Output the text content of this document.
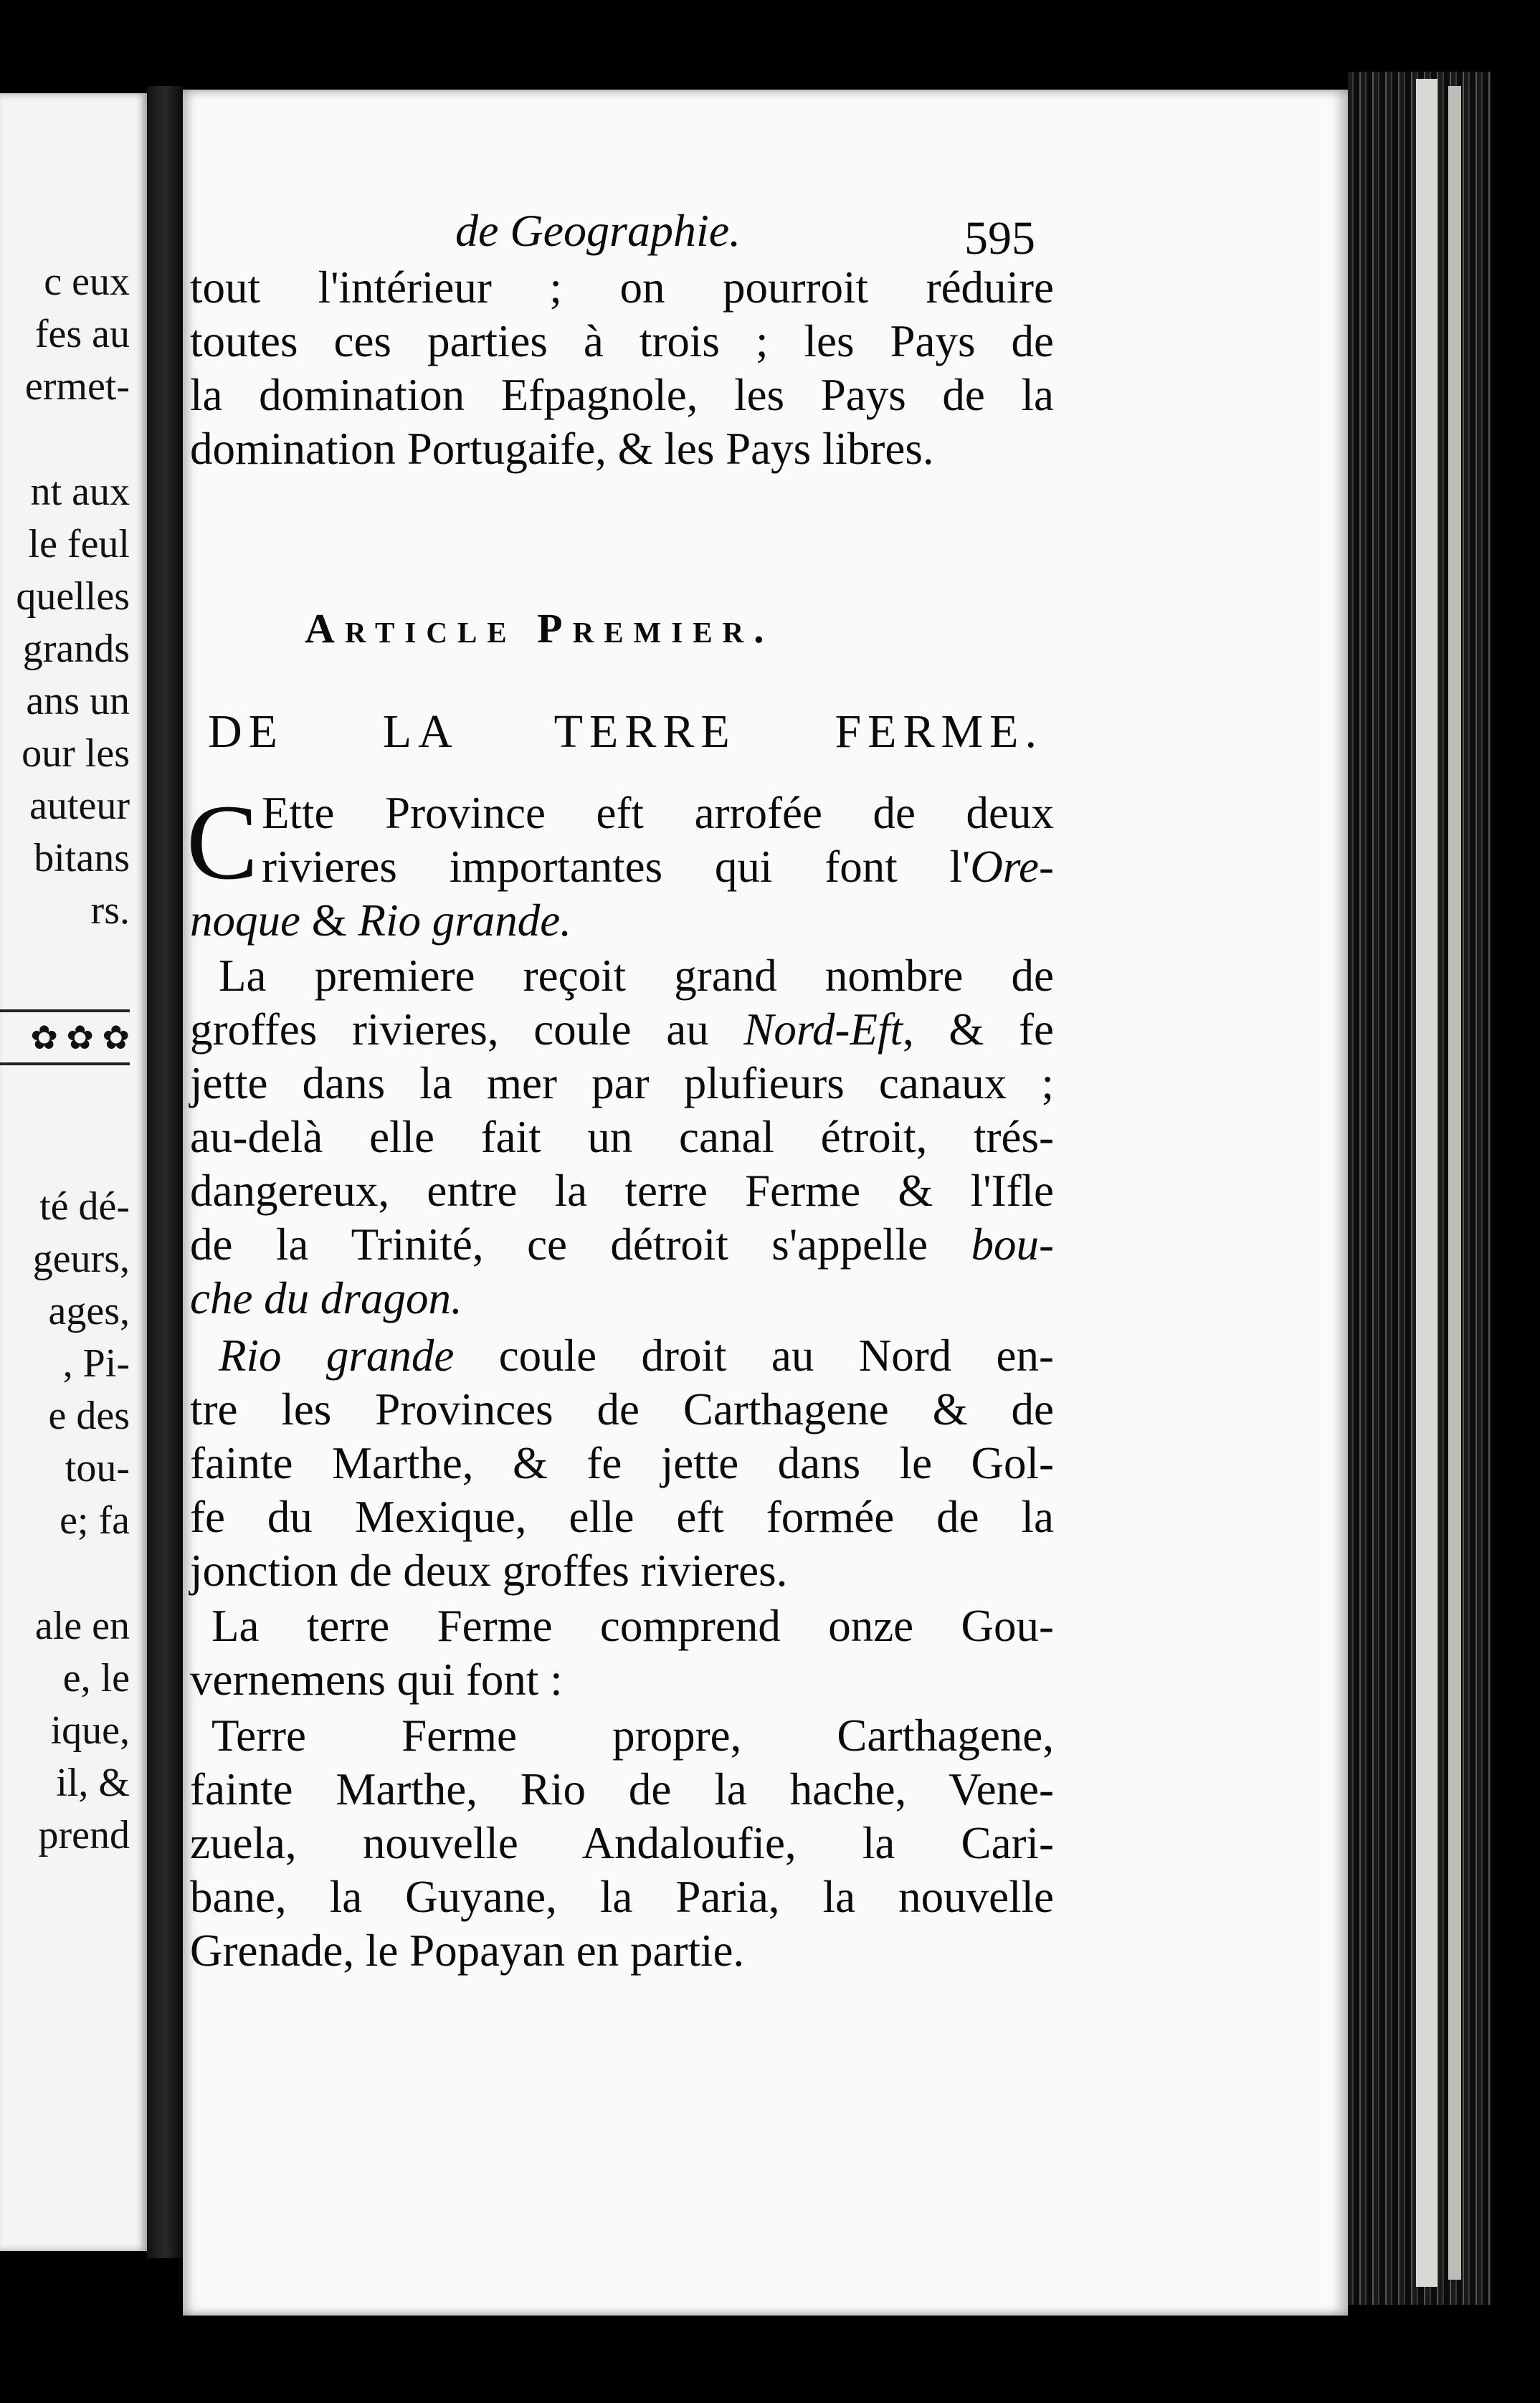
c eux
fes au
ermet-
nt aux
le feul
quelles
grands
ans un
our les
auteur
bitans
rs.
✿ ✿ ✿
té dé-
geurs,
ages,
, Pi-
e des
tou-
e; fa
ale en
e, le
ique,
il, &
prend
de Geographie.	595
tout l'intérieur ; on pourroit réduire
toutes ces parties à trois ; les Pays de
la domination Efpagnole, les Pays de la
domination Portugaife, & les Pays libres.
Article Premier.
DE LA TERRE FERME.
C Ette Province eft arrofée de deux
rivieres importantes qui font l'Ore-
noque & Rio grande.
La premiere reçoit grand nombre de
groffes rivieres, coule au Nord-Eft, & fe
jette dans la mer par plufieurs canaux ;
au-delà elle fait un canal étroit, trés-
dangereux, entre la terre Ferme & l'Ifle
de la Trinité, ce détroit s'appelle bou-
che du dragon.
Rio grande coule droit au Nord en-
tre les Provinces de Carthagene & de
fainte Marthe, & fe jette dans le Gol-
fe du Mexique, elle eft formée de la
jonction de deux groffes rivieres.
La terre Ferme comprend onze Gou-
vernemens qui font :
Terre Ferme propre, Carthagene,
fainte Marthe, Rio de la hache, Vene-
zuela, nouvelle Andaloufie, la Cari-
bane, la Guyane, la Paria, la nouvelle
Grenade, le Popayan en partie.
